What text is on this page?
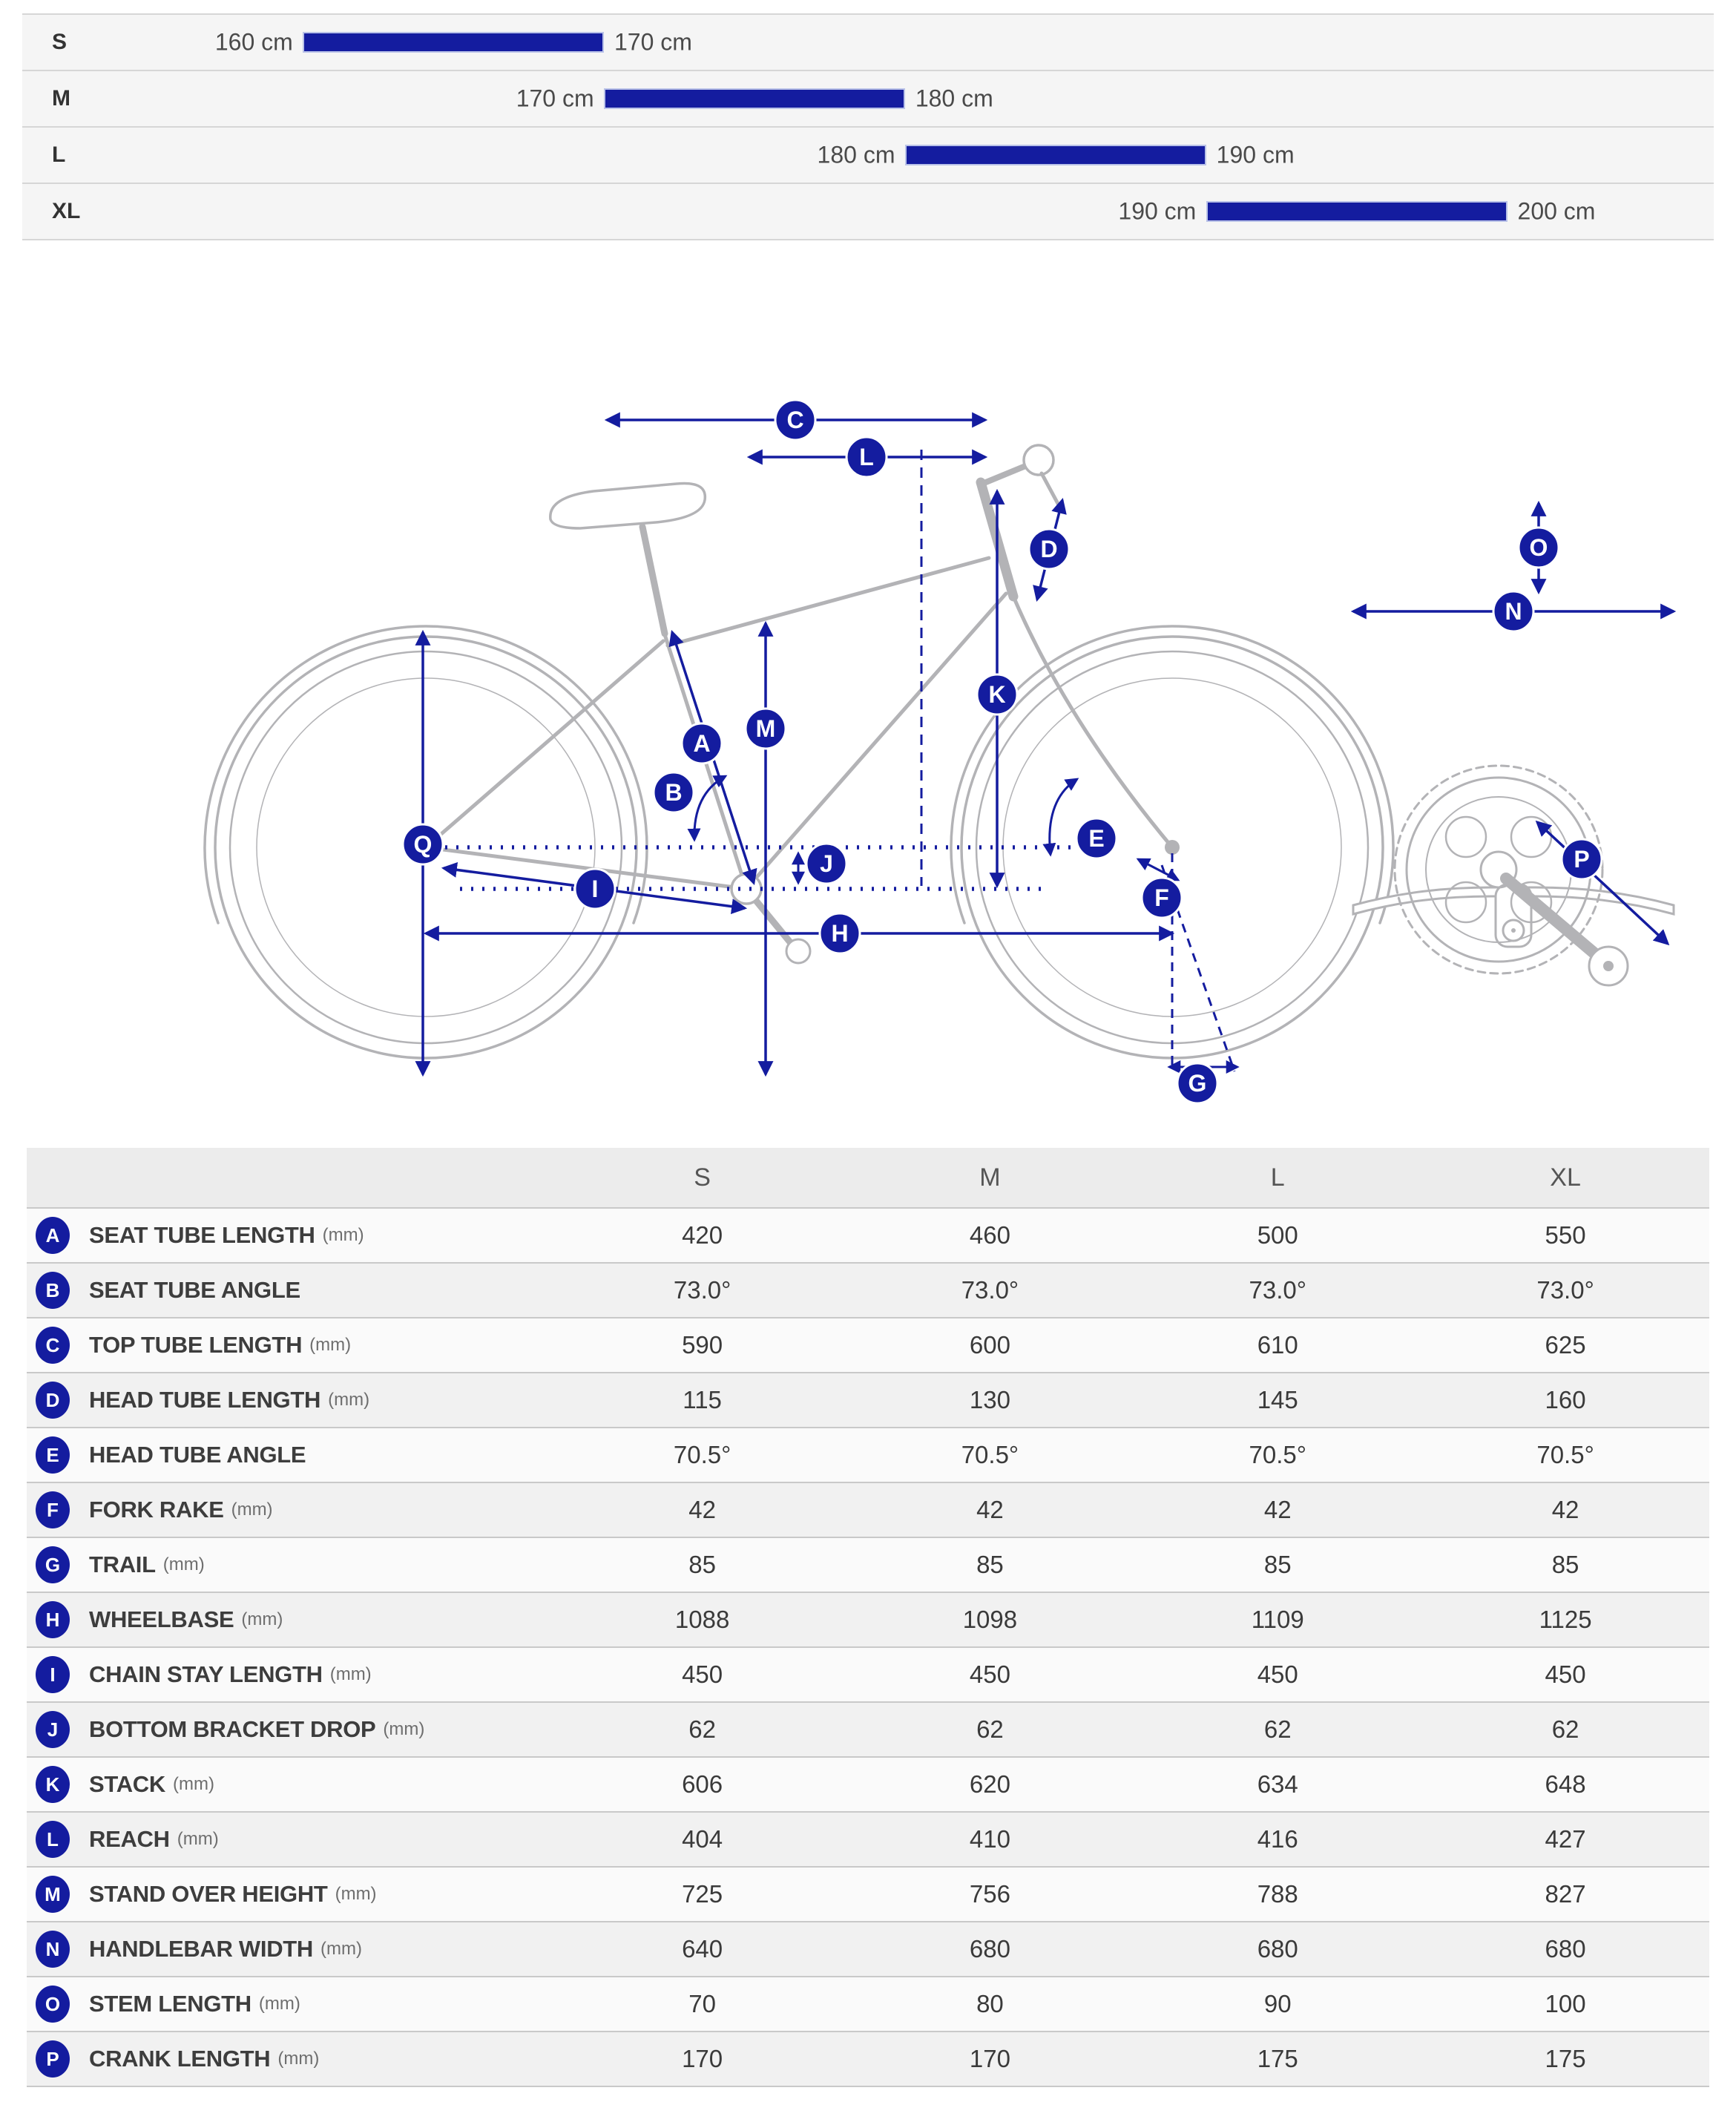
S	160 cm	170 cm
M	170 cm	180 cm
L	180 cm	190 cm
XL	190 cm	200 cm
C
L
D
A
B
M
K
Q
J
I
H
E
F
G
O
N
P
	S	M	L	XL
A SEAT TUBE LENGTH (mm)	420	460	500	550
B SEAT TUBE ANGLE	73.0°	73.0°	73.0°	73.0°
C TOP TUBE LENGTH (mm)	590	600	610	625
D HEAD TUBE LENGTH (mm)	115	130	145	160
E HEAD TUBE ANGLE	70.5°	70.5°	70.5°	70.5°
F FORK RAKE (mm)	42	42	42	42
G TRAIL (mm)	85	85	85	85
H WHEELBASE (mm)	1088	1098	1109	1125
I CHAIN STAY LENGTH (mm)	450	450	450	450
J BOTTOM BRACKET DROP (mm)	62	62	62	62
K STACK (mm)	606	620	634	648
L REACH (mm)	404	410	416	427
M STAND OVER HEIGHT (mm)	725	756	788	827
N HANDLEBAR WIDTH (mm)	640	680	680	680
O STEM LENGTH (mm)	70	80	90	100
P CRANK LENGTH (mm)	170	170	175	175
